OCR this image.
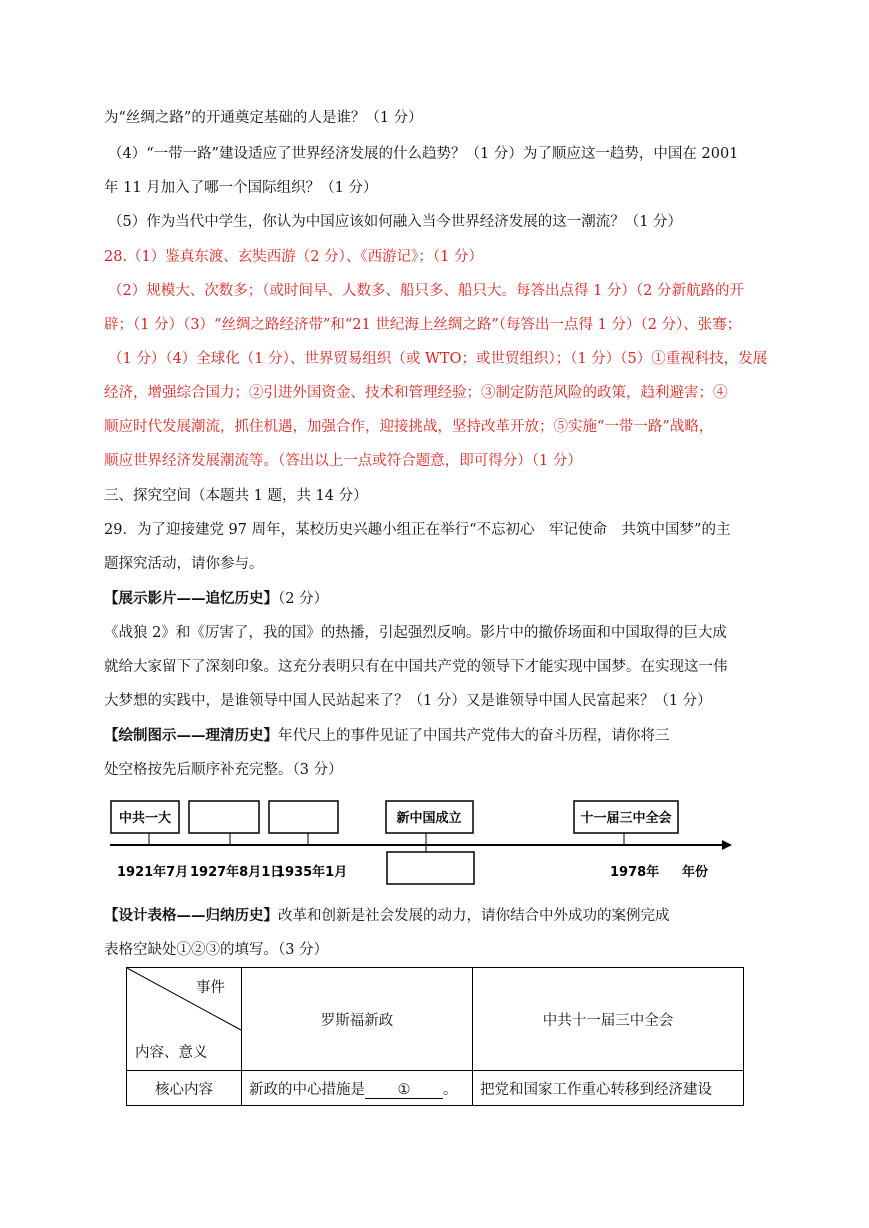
为“丝绸之路”的开通奠定基础的人是谁？（1 分）
（4）“一带一路”建设适应了世界经济发展的什么趋势？（1 分）为了顺应这一趋势，中国在 2001
年 11 月加入了哪一个国际组织？（1 分）
（5）作为当代中学生，你认为中国应该如何融入当今世界经济发展的这一潮流？（1 分）
28.（1）鉴真东渡、玄奘西游（2 分）、《西游记》；（1 分）
（2）规模大、次数多；（或时间早、人数多、船只多、船只大。每答出点得 1 分）（2 分新航路的开
辟；（1 分）（3）“丝绸之路经济带”和“21 世纪海上丝绸之路”（每答出一点得 1 分）（2 分）、张骞；
（1 分）（4）全球化（1 分）、世界贸易组织（或 WTO；或世贸组织）；（1 分）（5）①重视科技，发展
经济，增强综合国力；②引进外国资金、技术和管理经验；③制定防范风险的政策，趋利避害；④
顺应时代发展潮流，抓住机遇，加强合作，迎接挑战，坚持改革开放；⑤实施“一带一路”战略，
顺应世界经济发展潮流等。（答出以上一点或符合题意，即可得分）（1 分）
三、探究空间（本题共 1 题，共 14 分）
29．为了迎接建党 97 周年，某校历史兴趣小组正在举行“不忘初心　牢记使命　共筑中国梦”的主
题探究活动，请你参与。
【展示影片——追忆历史】（2 分）
《战狼 2》和《厉害了，我的国》的热播，引起强烈反响。影片中的撤侨场面和中国取得的巨大成
就给大家留下了深刻印象。这充分表明只有在中国共产党的领导下才能实现中国梦。在实现这一伟
大梦想的实践中，是谁领导中国人民站起来了？（1 分）又是谁领导中国人民富起来？（1 分）
【绘制图示——理清历史】年代尺上的事件见证了中国共产党伟大的奋斗历程，请你将三
处空格按先后顺序补充完整。（3 分）
中共一大	新中国成立	十一届三中全会
1921年7月 1927年8月1日
1935年1月	1978年 年份
【设计表格——归纳历史】改革和创新是社会发展的动力，请你结合中外成功的案例完成
表格空缺处①②③的填写。（3 分）
事件
内容、意义	罗斯福新政	中共十一届三中全会
核心内容	新政的中心措施是 ① 。	把党和国家工作重心转移到经济建设
